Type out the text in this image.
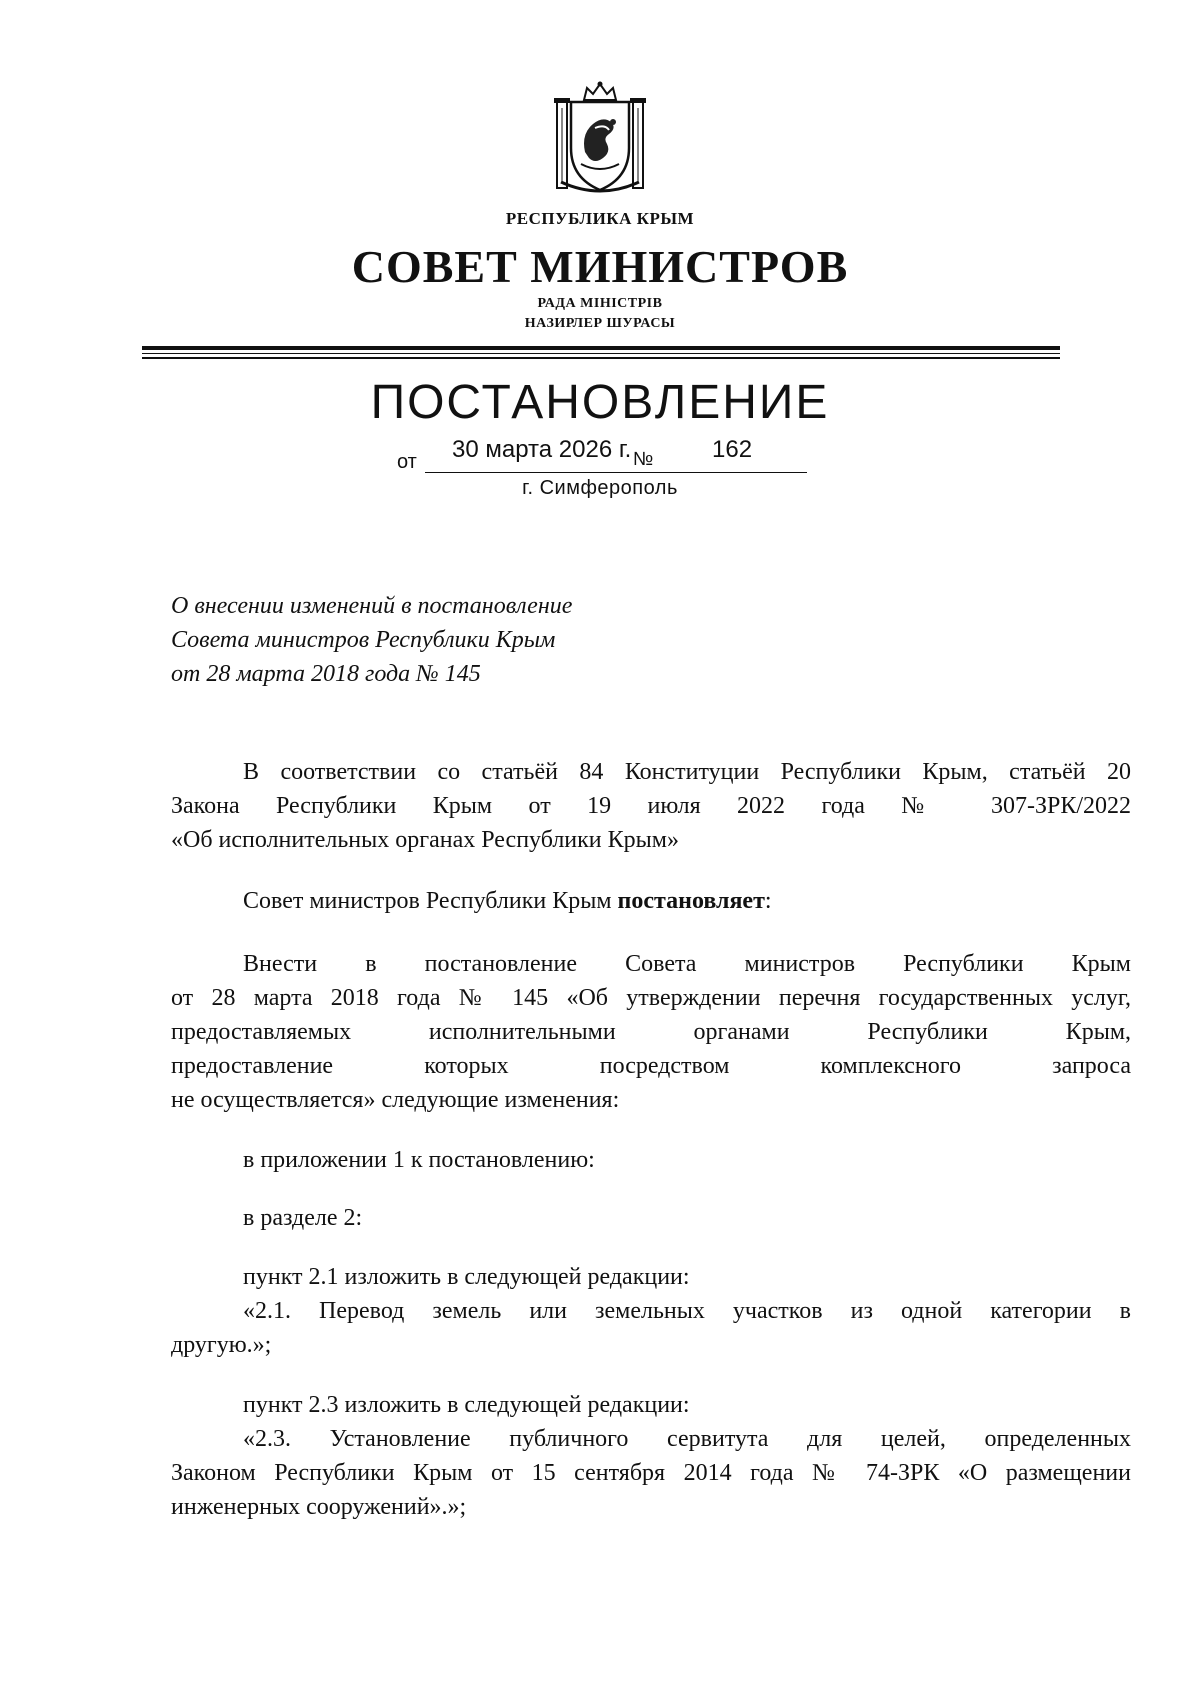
РЕСПУБЛИКА КРЫМ
СОВЕТ МИНИСТРОВ
РАДА МІНІСТРІВ
НАЗИРЛЕР ШУРАСЫ
ПОСТАНОВЛЕНИЕ
от 30 марта 2026 г. № 162
г. Симферополь
О внесении изменений в постановление
Совета министров Республики Крым
от 28 марта 2018 года № 145
В соответствии со статьёй 84 Конституции Республики Крым, статьёй 20
Закона Республики Крым от 19 июля 2022 года № 307-ЗРК/2022
«Об исполнительных органах Республики Крым»
Совет министров Республики Крым постановляет:
Внести в постановление Совета министров Республики Крым
от 28 марта 2018 года № 145 «Об утверждении перечня государственных услуг,
предоставляемых исполнительными органами Республики Крым,
предоставление которых посредством комплексного запроса
не осуществляется» следующие изменения:
в приложении 1 к постановлению:
в разделе 2:
пункт 2.1 изложить в следующей редакции:
«2.1. Перевод земель или земельных участков из одной категории в
другую.»;
пункт 2.3 изложить в следующей редакции:
«2.3. Установление публичного сервитута для целей, определенных
Законом Республики Крым от 15 сентября 2014 года № 74-ЗРК «О размещении
инженерных сооружений».»;
